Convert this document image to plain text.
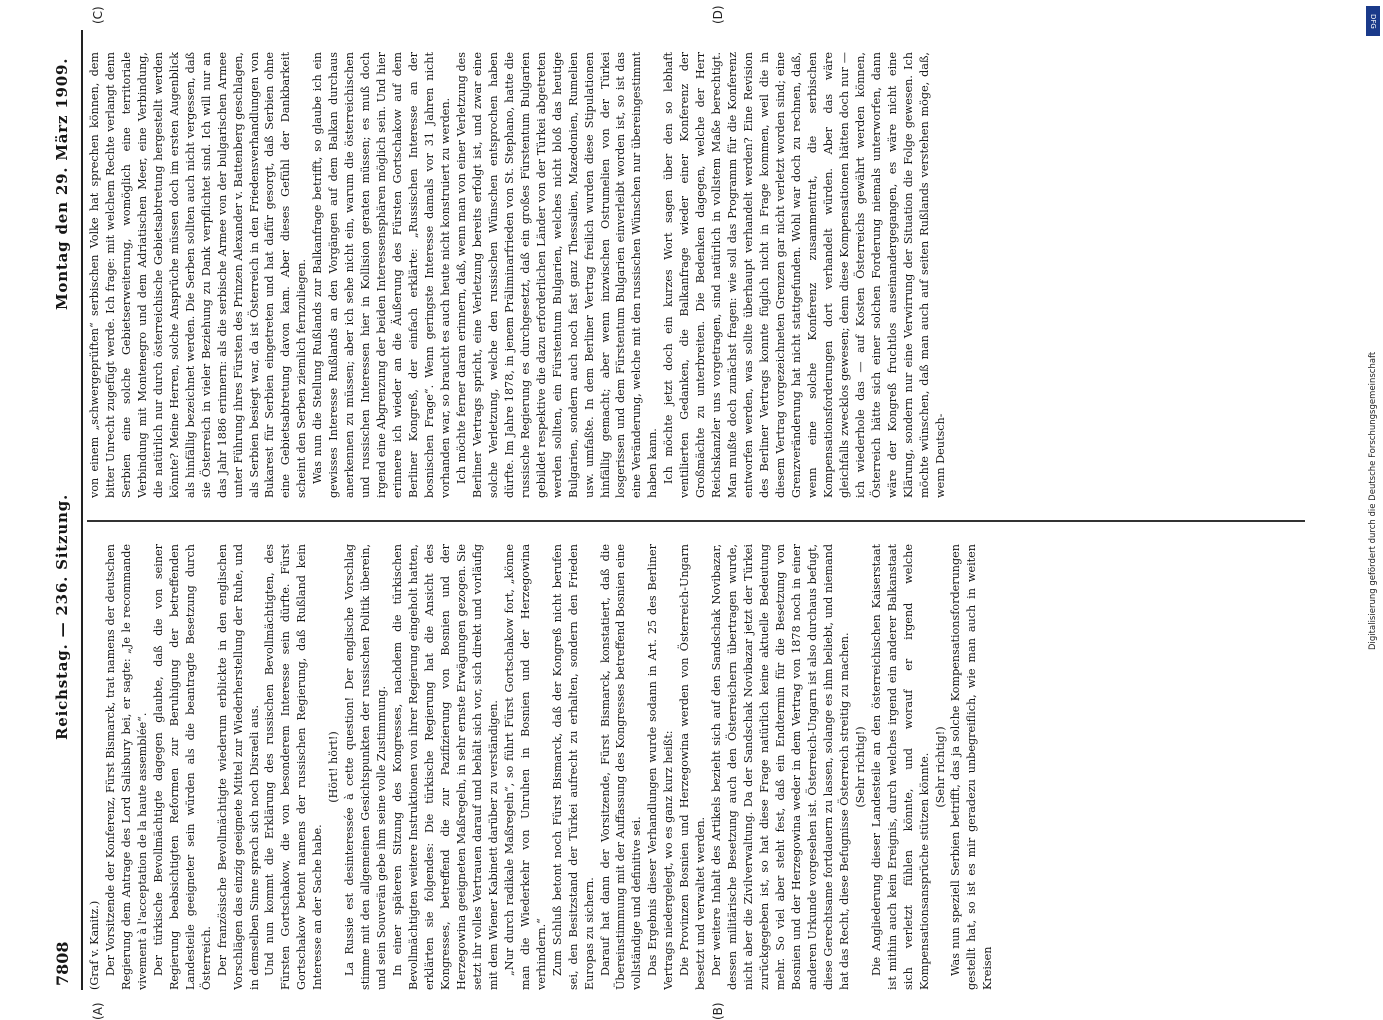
7808
Reichstag. — 236. Sitzung.
Montag den 29. März 1909.

(Graf v. Kanitz.) Der Vorsitzende der Konferenz, Fürst Bismarck, trat namens der deutschen Regierung dem Antrage des Lord Salisbury bei, er sagte: „Je le recommande vivement à l'acceptation de la haute assemblée“. Der türkische Bevollmächtigte dagegen glaubte, daß die von seiner Regierung beabsichtigten Reformen zur Beruhigung der betreffenden Landesteile geeigneter sein würden als die beantragte Besetzung durch Österreich. Der französische Bevollmächtigte wiederum erblickte in den englischen Vorschlägen das einzig geeignete Mittel zur Wiederherstellung der Ruhe, und in demselben Sinne sprach sich noch Disraeli aus. Und nun kommt die Erklärung des russischen Bevollmächtigten, des Fürsten Gortschakow, die von besonderem Interesse sein dürfte. Fürst Gortschakow betont namens der russischen Regierung, daß Rußland kein Interesse an der Sache habe.

(Hört! hört!) La Russie est desinteressée à cette question! Der englische Vorschlag stimme mit den allgemeinen Gesichtspunkten der russischen Politik überein, und sein Souverän gebe ihm seine volle Zustimmung. In einer späteren Sitzung des Kongresses, nachdem die türkischen Bevollmächtigten weitere Instruktionen von ihrer Regierung eingeholt hatten, erklärten sie folgendes: Die türkische Regierung hat die Ansicht des Kongresses, betreffend die zur Pazifizierung von Bosnien und der Herzegowina geeigneten Maßregeln, in sehr ernste Erwägungen gezogen. Sie setzt ihr volles Vertrauen darauf und behält sich vor, sich direkt und vorläufig mit dem Wiener Kabinett darüber zu verständigen. „Nur durch radikale Maßregeln“, so führt Fürst Gortschakow fort, „könne man die Wiederkehr von Unruhen in Bosnien und der Herzegowina verhindern.“ Zum Schluß betont noch Fürst Bismarck, daß der Kongreß nicht berufen sei, den Besitzstand der Türkei aufrecht zu erhalten, sondern den Frieden Europas zu sichern. Darauf hat dann der Vorsitzende, Fürst Bismarck, konstatiert, daß die Übereinstimmung mit der Auffassung des Kongresses betreffend Bosnien eine vollständige und definitive sei. Das Ergebnis dieser Verhandlungen wurde sodann in Art. 25 des Berliner Vertrags niedergelegt, wo es ganz kurz heißt: Die Provinzen Bosnien und Herzegowina werden von Österreich-Ungarn besetzt und verwaltet werden. Der weitere Inhalt des Artikels bezieht sich auf den Sandschak Novibazar, dessen militärische Besetzung auch den Österreichern übertragen wurde, nicht aber die Zivilverwaltung. Da der Sandschak Novibazar jetzt der Türkei zurückgegeben ist, so hat diese Frage natürlich keine aktuelle Bedeutung mehr. So viel aber steht fest, daß ein Endtermin für die Besetzung von Bosnien und der Herzegowina weder in dem Vertrag von 1878 noch in einer anderen Urkunde vorgesehen ist. Österreich-Ungarn ist also durchaus befugt, diese Gerechtsame fortdauern zu lassen, solange es ihm beliebt, und niemand hat das Recht, diese Befugnisse Österreich streitig zu machen. (Sehr richtig!) Die Angliederung dieser Landesteile an den österreichischen Kaiserstaat ist mithin auch kein Ereignis, durch welches irgend ein anderer Balkanstaat sich verletzt fühlen könnte, und worauf er irgend welche Kompensationsansprüche stützen könnte. (Sehr richtig!) Was nun speziell Serbien betrifft, das ja solche Kompensationsforderungen gestellt hat, so ist es mir geradezu unbegreiflich, wie man auch in weiten Kreisen

von einem „schwergeprüften“ serbischen Volke hat sprechen können, dem bitter Unrecht zugefügt werde. Ich frage: mit welchem Rechte verlangt denn Serbien eine solche Gebietserweiterung, womöglich eine territoriale Verbindung mit Montenegro und dem Adriatischen Meer, eine Verbindung, die natürlich nur durch österreichische Gebietsabtretung hergestellt werden könnte? Meine Herren, solche Ansprüche müssen doch im ersten Augenblick als hinfällig bezeichnet werden. Die Serben sollten auch nicht vergessen, daß sie Österreich in vieler Beziehung zu Dank verpflichtet sind. Ich will nur an das Jahr 1886 erinnern: als die serbische Armee von der bulgarischen Armee unter Führung ihres Fürsten des Prinzen Alexander v. Battenberg geschlagen, als Serbien besiegt war, da ist Österreich in den Friedensverhandlungen von Bukarest für Serbien eingetreten und hat dafür gesorgt, daß Serbien ohne eine Gebietsabtretung davon kam. Aber dieses Gefühl der Dankbarkeit scheint den Serben ziemlich fernzuliegen. Was nun die Stellung Rußlands zur Balkanfrage betrifft, so glaube ich ein gewisses Interesse Rußlands an den Vorgängen auf dem Balkan durchaus anerkennen zu müssen; aber ich sehe nicht ein, warum die österreichischen und russischen Interessen hier in Kollision geraten müssen; es muß doch irgend eine Abgrenzung der beiden Interessensphären möglich sein. Und hier erinnere ich wieder an die Äußerung des Fürsten Gortschakow auf dem Berliner Kongreß, der einfach erklärte: „Russischen Interesse an der bosnischen Frage“. Wenn geringste Interesse damals vor 31 Jahren nicht vorhanden war, so braucht es auch heute nicht konstruiert zu werden. Ich möchte ferner daran erinnern, daß, wenn man von einer Verletzung des Berliner Vertrags spricht, eine Verletzung bereits erfolgt ist, und zwar eine solche Verletzung, welche den russischen Wünschen entsprochen haben dürfte. Im Jahre 1878, in jenem Präliminarfrieden von St. Stephano, hatte die russische Regierung es durchgesetzt, daß ein großes Fürstentum Bulgarien gebildet respektive die dazu erforderlichen Länder von der Türkei abgetreten werden sollten, ein Fürstentum Bulgarien, welches nicht bloß das heutige Bulgarien, sondern auch noch fast ganz Thessalien, Mazedonien, Rumelien usw. umfaßte. In dem Berliner Vertrag freilich wurden diese Stipulationen hinfällig gemacht; aber wenn inzwischen Ostrumelien von der Türkei losgerissen und dem Fürstentum Bulgarien einverleibt worden ist, so ist das eine Veränderung, welche mit den russischen Wünschen nur übereingestimmt haben kann. Ich möchte jetzt doch ein kurzes Wort sagen über den so lebhaft ventilierten Gedanken, die Balkanfrage wieder einer Konferenz der Großmächte zu unterbreiten. Die Bedenken dagegen, welche der Herr Reichskanzler uns vorgetragen, sind natürlich in vollstem Maße berechtigt. Man mußte doch zunächst fragen: wie soll das Programm für die Konferenz entworfen werden, was sollte überhaupt verhandelt werden? Eine Revision des Berliner Vertrags konnte füglich nicht in Frage kommen, weil die in diesem Vertrag vorgezeichneten Grenzen gar nicht verletzt worden sind; eine Grenzveränderung hat nicht stattgefunden. Wohl war doch zu rechnen, daß, wenn eine solche Konferenz zusammentrat, die serbischen Kompensationsforderungen dort verhandelt würden. Aber das wäre gleichfalls zwecklos gewesen; denn diese Kompensationen hätten doch nur — ich wiederhole das — auf Kosten Österreichs gewährt werden können, Österreich hätte sich einer solchen Forderung niemals unterworfen, dann wäre der Kongreß fruchtlos auseinandergegangen, es wäre nicht eine Klärung, sondern nur eine Verwirrung der Situation die Folge gewesen. Ich möchte wünschen, daß man auch auf seiten Rußlands verstehen möge, daß, wenn Deutsch-

(A)	(B)
(C)	(D)	DFG
Digitalisierung gefördert durch die Deutsche Forschungsgemeinschaft
